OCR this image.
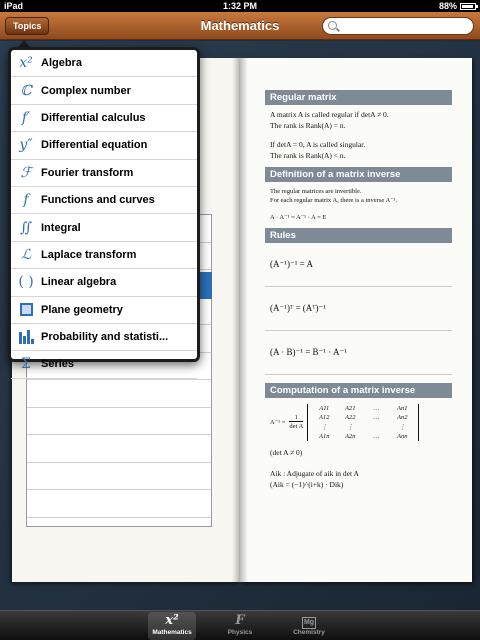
iPad	1:32 PM	88%
Topics	Mathematics
Regular matrix
A matrix A is called regular if detA ≠ 0.
The rank is Rank(A) = n.
If detA = 0, A is called singular.
The rank is Rank(A) < n.
Definition of a matrix inverse
The regular matrices are invertible.
For each regular matrix A, there is a inverse A⁻¹.
A · A⁻¹ = A⁻¹ · A = E
Rules
(A⁻¹)⁻¹ = A
(A⁻¹)ᵀ = (Aᵀ)⁻¹
(A · B)⁻¹ = B⁻¹ · A⁻¹
Computation of a matrix inverse
A⁻¹ =
1
det A
A11	A21	…	An1
A12	A22	…	An2
⋮	⋮	⋮
A1n	A2n	…	Ann
(det A ≠ 0)
Aik : Adjugate of aik in det A
(Aik = (−1)^(i+k) · Dik)
x² Algebra
ℂ Complex number
f′ Differential calculus
y″ Differential equation
ℱ Fourier transform
f	Functions and curves
∬ Integral
ℒ Laplace transform
( ) Linear algebra
Plane geometry
Probability and statisti...
Σ Series
x²
Mathematics
F
Physics
Mg
Chemistry
